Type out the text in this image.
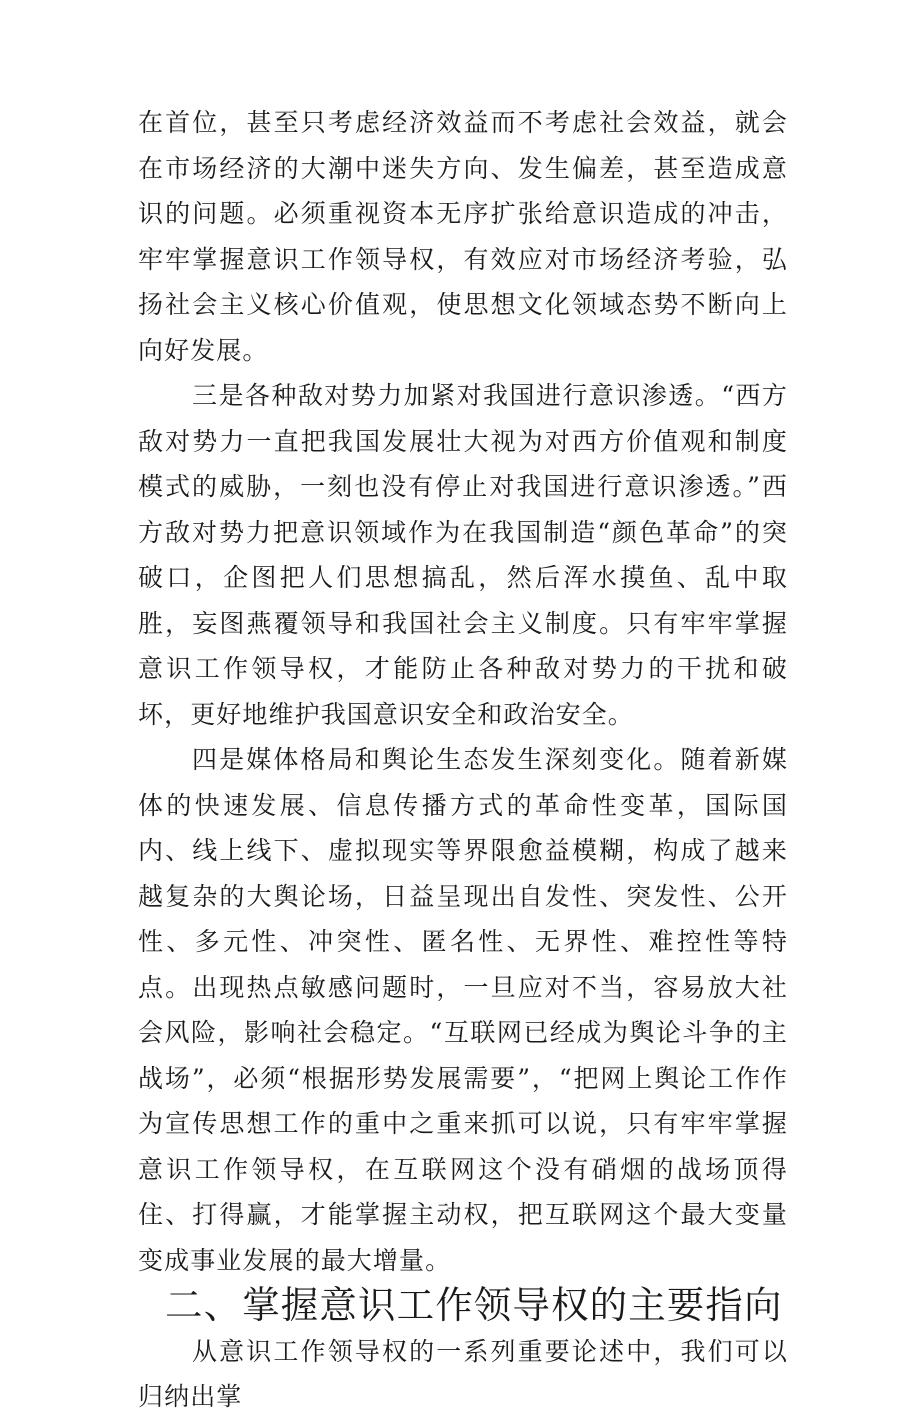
在首位，甚至只考虑经济效益而不考虑社会效益，就会在市场经济的大潮中迷失方向、发生偏差，甚至造成意识的问题。必须重视资本无序扩张给意识造成的冲击，牢牢掌握意识工作领导权，有效应对市场经济考验，弘扬社会主义核心价值观，使思想文化领域态势不断向上向好发展。

三是各种敌对势力加紧对我国进行意识渗透。“西方敌对势力一直把我国发展壮大视为对西方价值观和制度模式的威胁，一刻也没有停止对我国进行意识渗透。”西方敌对势力把意识领域作为在我国制造“颜色革命”的突破口，企图把人们思想搞乱，然后浑水摸鱼、乱中取胜，妄图燕覆领导和我国社会主义制度。只有牢牢掌握意识工作领导权，才能防止各种敌对势力的干扰和破坏，更好地维护我国意识安全和政治安全。

四是媒体格局和舆论生态发生深刻变化。随着新媒体的快速发展、信息传播方式的革命性变革，国际国内、线上线下、虚拟现实等界限愈益模糊，构成了越来越复杂的大舆论场，日益呈现出自发性、突发性、公开性、多元性、冲突性、匿名性、无界性、难控性等特点。出现热点敏感问题时，一旦应对不当，容易放大社会风险，影响社会稳定。“互联网已经成为舆论斗争的主战场”，必须“根据形势发展需要”，“把网上舆论工作作为宣传思想工作的重中之重来抓可以说，只有牢牢掌握意识工作领导权，在互联网这个没有硝烟的战场顶得住、打得赢，才能掌握主动权，把互联网这个最大变量变成事业发展的最大增量。

二、掌握意识工作领导权的主要指向

从意识工作领导权的一系列重要论述中，我们可以归纳出掌
